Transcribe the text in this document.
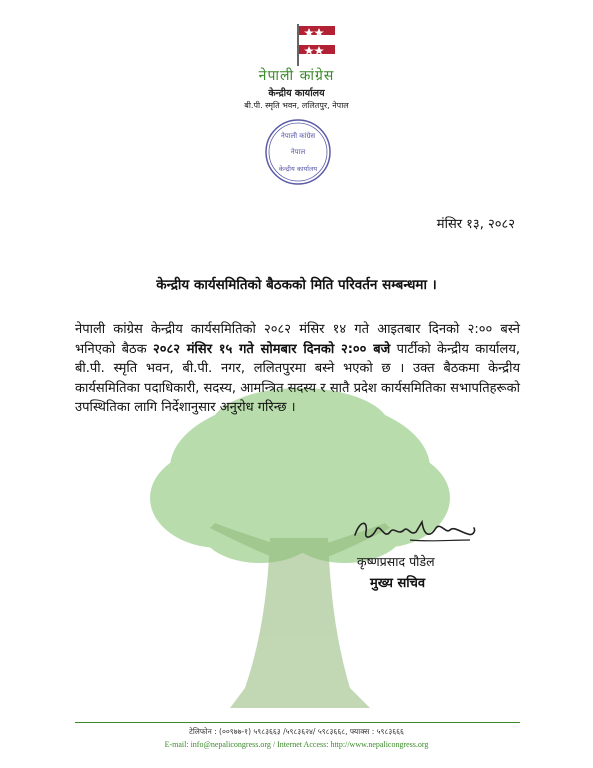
नेपाली कांग्रेस
केन्द्रीय कार्यालय
बी.पी. स्मृति भवन, ललितपुर, नेपाल
नेपाली कांग्रेस
नेपाल
केन्द्रीय कार्यालय
मंसिर १३, २०८२
केन्द्रीय कार्यसमितिको बैठकको मिति परिवर्तन सम्बन्धमा ।
नेपाली कांग्रेस केन्द्रीय कार्यसमितिको २०८२ मंसिर १४ गते आइतबार दिनको २:०० बस्ने भनिएको बैठक २०८२ मंसिर १५ गते सोमबार दिनको २:०० बजे पार्टीको केन्द्रीय कार्यालय, बी.पी. स्मृति भवन, बी.पी. नगर, ललितपुरमा बस्ने भएको छ । उक्त बैठकमा केन्द्रीय कार्यसमितिका पदाधिकारी, सदस्य, आमन्त्रित सदस्य र सातै प्रदेश कार्यसमितिका सभापतिहरूको उपस्थितिका लागि निर्देशानुसार अनुरोध गरिन्छ ।
कृष्णप्रसाद पौडेल
मुख्य सचिव
टेलिफोन : (००९७७-१) ५९८३६६३ /५९८३६२४/ ५९८३६६८, फ्याक्स : ५९८३६६६
E-mail: info@nepalicongress.org / Internet Access: http://www.nepalicongress.org
